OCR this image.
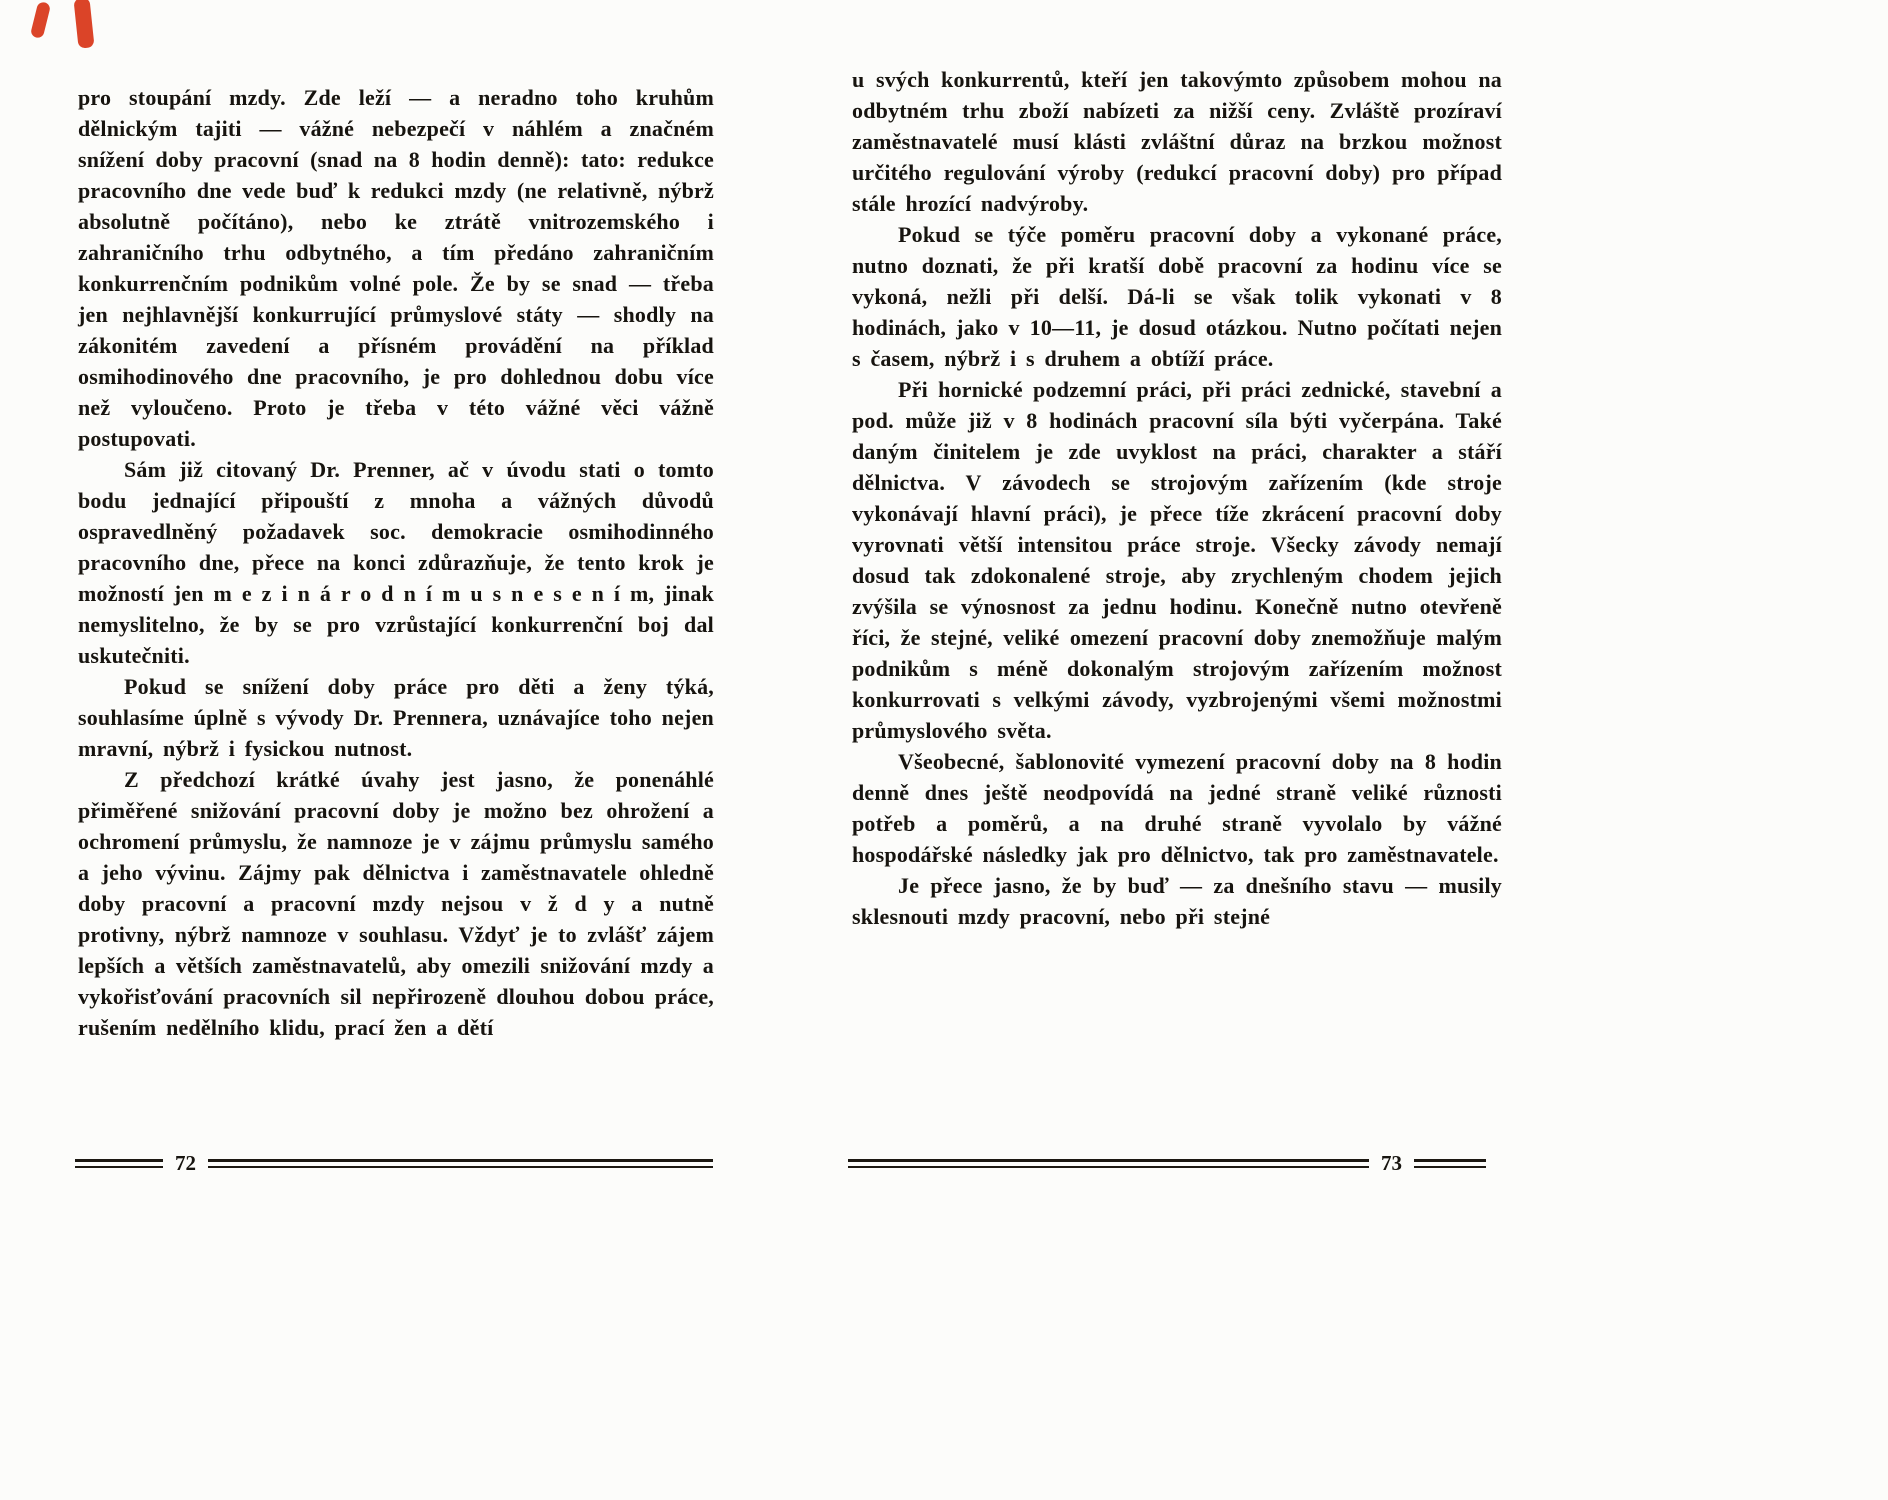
pro stoupání mzdy. Zde leží — a neradno toho kruhům dělnickým tajiti — vážné nebezpečí v náhlém a značném snížení doby pracovní (snad na 8 hodin denně): tato: redukce pracovního dne vede buď k redukci mzdy (ne relativně, nýbrž absolutně počítáno), nebo ke ztrátě vnitrozemského i zahraničního trhu odbytného, a tím předáno zahraničním konkurrenčním podnikům volné pole. Že by se snad — třeba jen nejhlavnější konkurrující průmyslové státy — shodly na zákonitém zavedení a přísném provádění na příklad osmihodinového dne pracovního, je pro dohlednou dobu více než vyloučeno. Proto je třeba v této vážné věci vážně postupovati.

Sám již citovaný Dr. Prenner, ač v úvodu stati o tomto bodu jednající připouští z mnoha a vážných důvodů ospravedlněný požadavek soc. demokracie osmihodinného pracovního dne, přece na konci zdůrazňuje, že tento krok je možností jen m e z i n á r o d n í m u s n e s e n í m, jinak nemyslitelno, že by se pro vzrůstající konkurrenční boj dal uskutečniti.

Pokud se snížení doby práce pro děti a ženy týká, souhlasíme úplně s vývody Dr. Prennera, uznávajíce toho nejen mravní, nýbrž i fysickou nutnost.

Z předchozí krátké úvahy jest jasno, že ponenáhlé přiměřené snižování pracovní doby je možno bez ohrožení a ochromení průmyslu, že namnoze je v zájmu průmyslu samého a jeho vývinu. Zájmy pak dělnictva i zaměstnavatele ohledně doby pracovní a pracovní mzdy nejsou v ž d y a nutně protivny, nýbrž namnoze v souhlasu. Vždyť je to zvlášť zájem lepších a větších zaměstnavatelů, aby omezili snižování mzdy a vykořisťování pracovních sil nepřirozeně dlouhou dobou práce, rušením nedělního klidu, prací žen a dětí

u svých konkurrentů, kteří jen takovýmto způsobem mohou na odbytném trhu zboží nabízeti za nižší ceny. Zvláště prozíraví zaměstnavatelé musí klásti zvláštní důraz na brzkou možnost určitého regulování výroby (redukcí pracovní doby) pro případ stále hrozící nadvýroby.

Pokud se týče poměru pracovní doby a vykonané práce, nutno doznati, že při kratší době pracovní za hodinu více se vykoná, nežli při delší. Dá-li se však tolik vykonati v 8 hodinách, jako v 10—11, je dosud otázkou. Nutno počítati nejen s časem, nýbrž i s druhem a obtíží práce.

Při hornické podzemní práci, při práci zednické, stavební a pod. může již v 8 hodinách pracovní síla býti vyčerpána. Také daným činitelem je zde uvyklost na práci, charakter a stáří dělnictva. V závodech se strojovým zařízením (kde stroje vykonávají hlavní práci), je přece tíže zkrácení pracovní doby vyrovnati větší intensitou práce stroje. Všecky závody nemají dosud tak zdokonalené stroje, aby zrychleným chodem jejich zvýšila se výnosnost za jednu hodinu. Konečně nutno otevřeně říci, že stejné, veliké omezení pracovní doby znemožňuje malým podnikům s méně dokonalým strojovým zařízením možnost konkurrovati s velkými závody, vyzbrojenými všemi možnostmi průmyslového světa.

Všeobecné, šablonovité vymezení pracovní doby na 8 hodin denně dnes ještě neodpovídá na jedné straně veliké různosti potřeb a poměrů, a na druhé straně vyvolalo by vážné hospodářské následky jak pro dělnictvo, tak pro zaměstnavatele.

Je přece jasno, že by buď — za dnešního stavu — musily sklesnouti mzdy pracovní, nebo při stejné

72	73
